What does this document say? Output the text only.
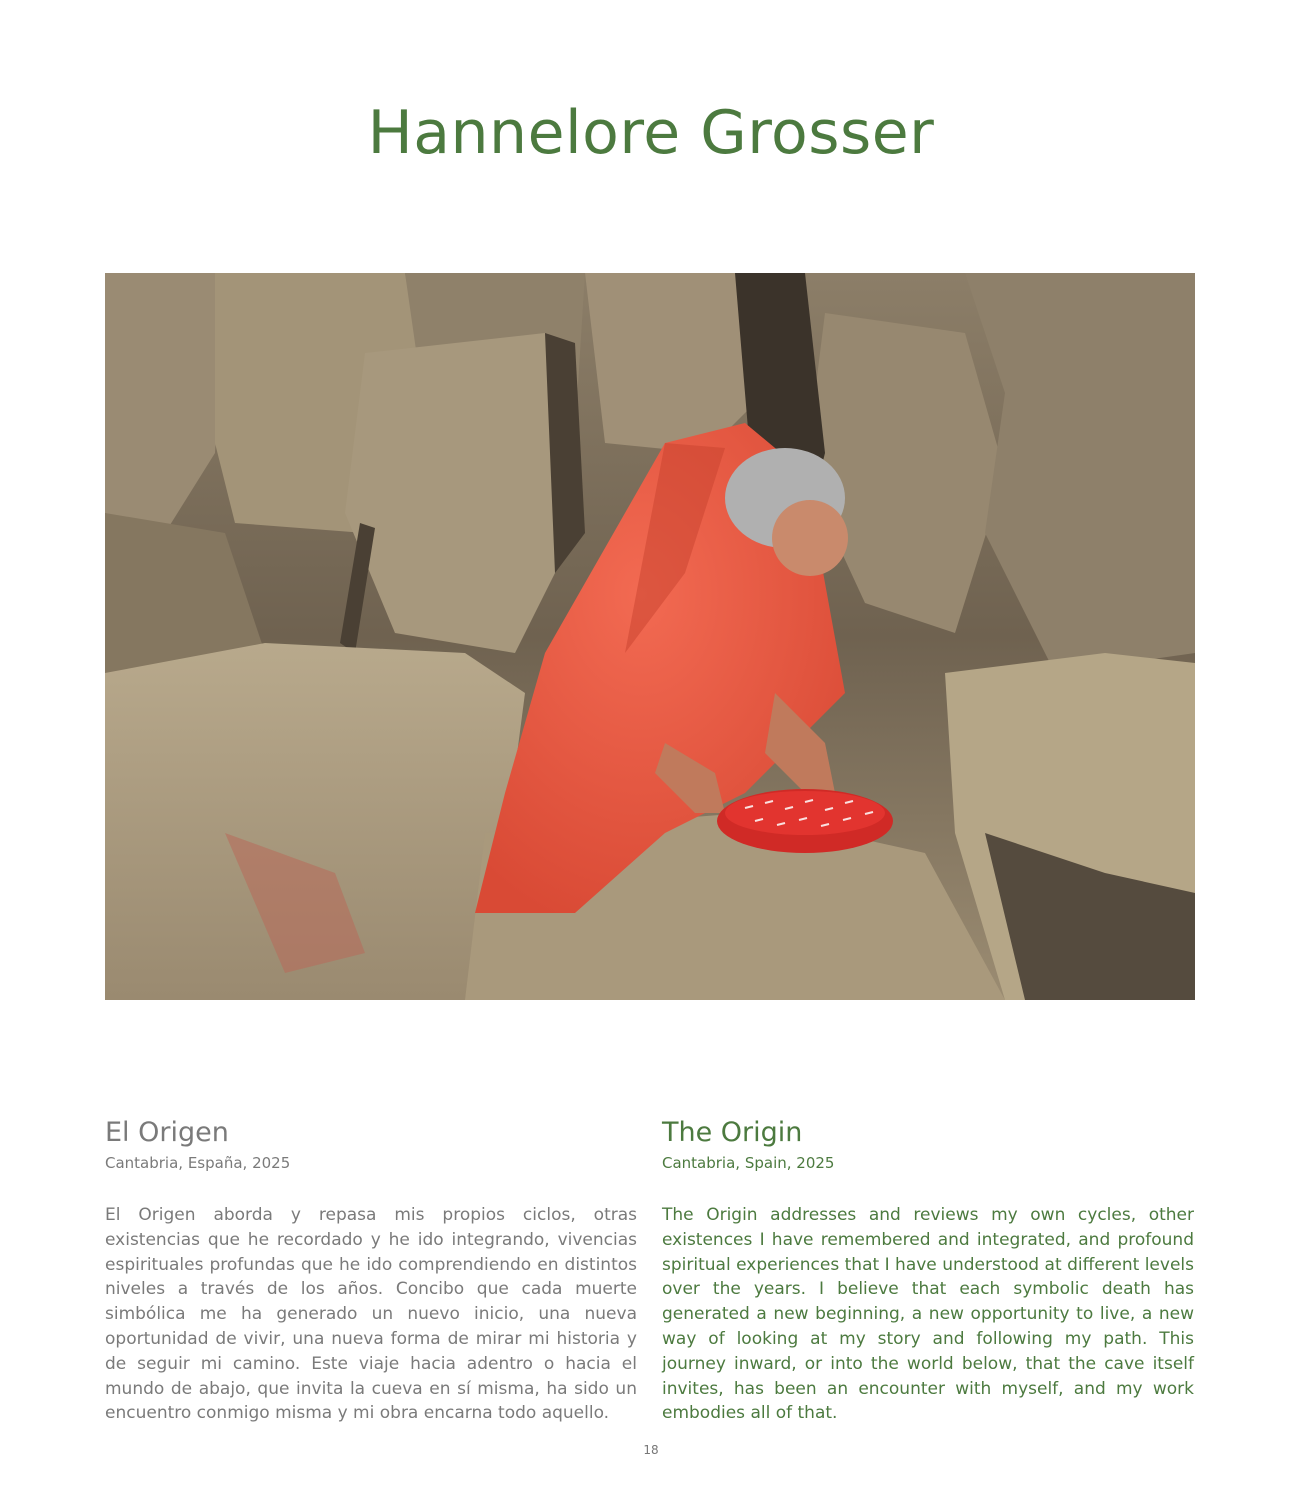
Hannelore Grosser
El Origen
Cantabria, España, 2025

El Origen aborda y repasa mis propios ciclos, otras existencias que he recordado y he ido integrando, vivencias espirituales profundas que he ido comprendiendo en distintos niveles a través de los años. Concibo que cada muerte simbólica me ha generado un nuevo inicio, una nueva oportunidad de vivir, una nueva forma de mirar mi historia y de seguir mi camino. Este viaje hacia adentro o hacia el mundo de abajo, que invita la cueva en sí misma, ha sido un encuentro conmigo misma y mi obra encarna todo aquello.

The Origin
Cantabria, Spain, 2025

The Origin addresses and reviews my own cycles, other existences I have remembered and integrated, and profound spiritual experiences that I have understood at different levels over the years. I believe that each symbolic death has generated a new beginning, a new opportunity to live, a new way of looking at my story and following my path. This journey inward, or into the world below, that the cave itself invites, has been an encounter with myself, and my work embodies all of that.

18
